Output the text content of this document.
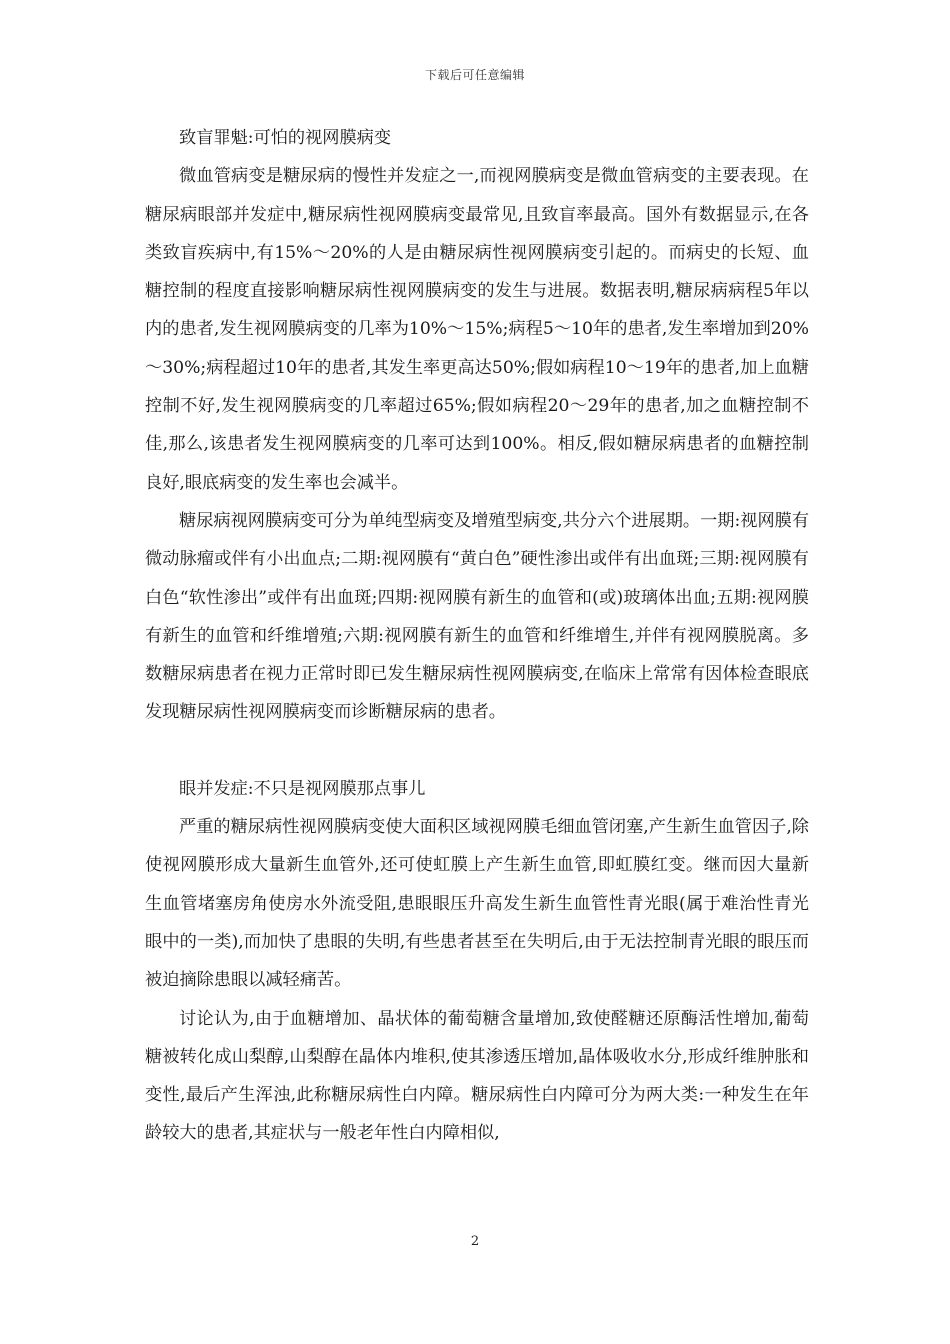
下载后可任意编辑

致盲罪魁:可怕的视网膜病变

微血管病变是糖尿病的慢性并发症之一,而视网膜病变是微血管病变的主要表现。在糖尿病眼部并发症中,糖尿病性视网膜病变最常见,且致盲率最高。国外有数据显示,在各类致盲疾病中,有15%～20%的人是由糖尿病性视网膜病变引起的。而病史的长短、血糖控制的程度直接影响糖尿病性视网膜病变的发生与进展。数据表明,糖尿病病程5年以内的患者,发生视网膜病变的几率为10%～15%;病程5～10年的患者,发生率增加到20%～30%;病程超过10年的患者,其发生率更高达50%;假如病程10～19年的患者,加上血糖控制不好,发生视网膜病变的几率超过65%;假如病程20～29年的患者,加之血糖控制不佳,那么,该患者发生视网膜病变的几率可达到100%。相反,假如糖尿病患者的血糖控制良好,眼底病变的发生率也会减半。

糖尿病视网膜病变可分为单纯型病变及增殖型病变,共分六个进展期。一期:视网膜有微动脉瘤或伴有小出血点;二期:视网膜有“黄白色”硬性渗出或伴有出血斑;三期:视网膜有白色“软性渗出”或伴有出血斑;四期:视网膜有新生的血管和(或)玻璃体出血;五期:视网膜有新生的血管和纤维增殖;六期:视网膜有新生的血管和纤维增生,并伴有视网膜脱离。多数糖尿病患者在视力正常时即已发生糖尿病性视网膜病变,在临床上常常有因体检查眼底发现糖尿病性视网膜病变而诊断糖尿病的患者。

眼并发症:不只是视网膜那点事儿

严重的糖尿病性视网膜病变使大面积区域视网膜毛细血管闭塞,产生新生血管因子,除使视网膜形成大量新生血管外,还可使虹膜上产生新生血管,即虹膜红变。继而因大量新生血管堵塞房角使房水外流受阻,患眼眼压升高发生新生血管性青光眼(属于难治性青光眼中的一类),而加快了患眼的失明,有些患者甚至在失明后,由于无法控制青光眼的眼压而被迫摘除患眼以减轻痛苦。

讨论认为,由于血糖增加、晶状体的葡萄糖含量增加,致使醛糖还原酶活性增加,葡萄糖被转化成山梨醇,山梨醇在晶体内堆积,使其渗透压增加,晶体吸收水分,形成纤维肿胀和变性,最后产生浑浊,此称糖尿病性白内障。糖尿病性白内障可分为两大类:一种发生在年龄较大的患者,其症状与一般老年性白内障相似,

2
